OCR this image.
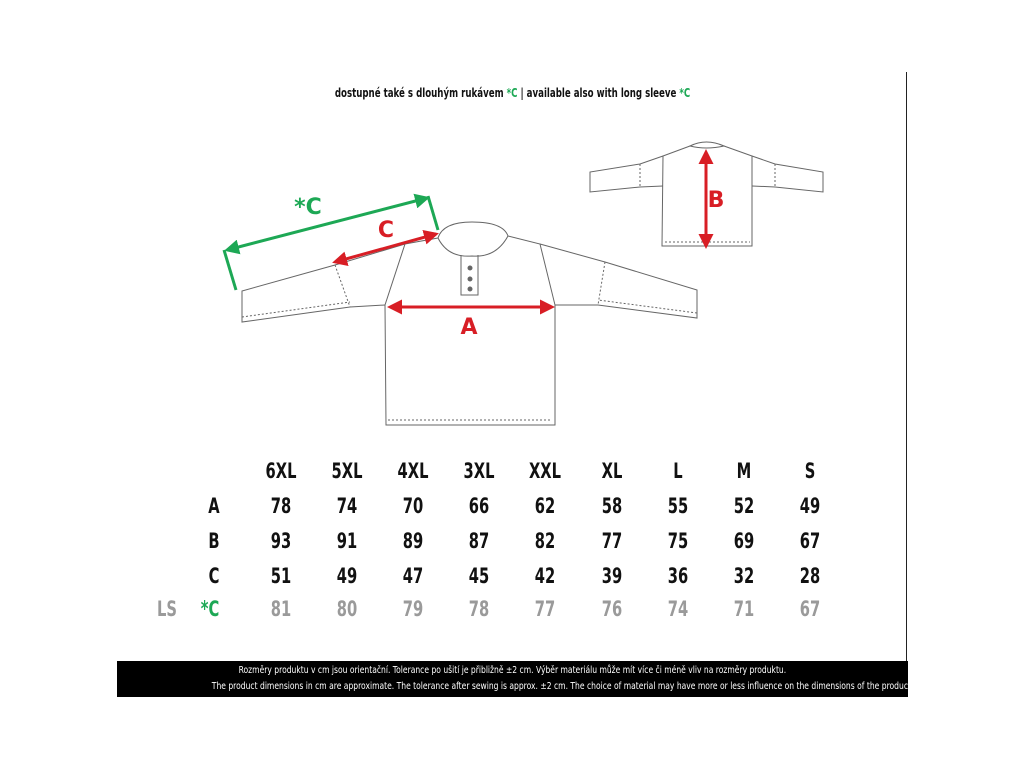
dostupné také s dlouhým rukávem *C | available also with long sleeve *C
A
B
C
*C
6XL 5XL 4XL 3XL XXL	XL	L	M	S
A	78	74	70	66	62	58	55	52	49
B	93	91	89	87	82	77	75	69	67
C	51	49	47	45	42	39	36	32	28
LS *C	81	80	79	78	77	76	74	71	67
Rozměry produktu v cm jsou orientační. Tolerance po ušití je přibližně ±2 cm. Výběr materiálu může mít více či méně vliv na rozměry produktu.
The product dimensions in cm are approximate. The tolerance after sewing is approx. ±2 cm. The choice of material may have more or less influence on the dimensions of the product.
